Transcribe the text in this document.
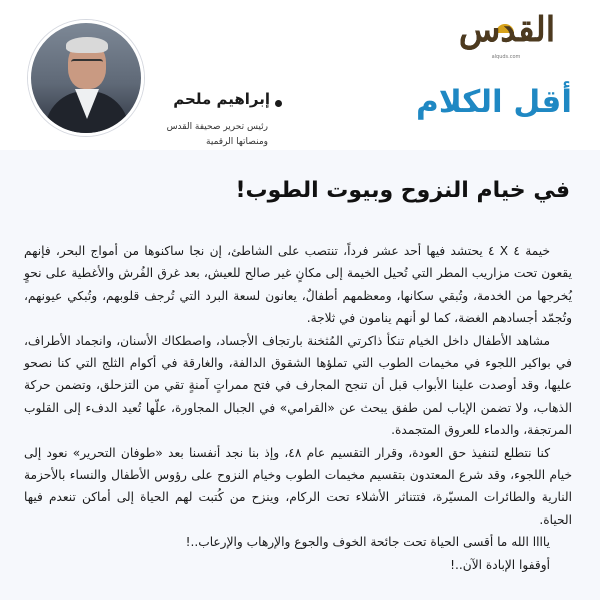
القدس
alquds.com
أقل الكلام
إبراهيم ملحم
رئيس تحرير صحيفة القدس ومنصاتها الرقمية
في خيام النزوح وبيوت الطوب!

خيمة ٤ X ٤ يحتشد فيها أحد عشر فرداً، تنتصب على الشاطئ، إن نجا ساكنوها من أمواج البحر، فإنهم يقعون تحت مزاريب المطر التي تُحيل الخيمة إلى مكانٍ غير صالح للعيش، بعد غرق الفُرش والأغطية على نحوٍ يُخرجها من الخدمة، وتُبقي سكانها، ومعظمهم أطفالٌ، يعانون لسعة البرد التي تُرجف قلوبهم، وتُبكي عيونهم، وتُجمّد أجسادهم الغضة، كما لو أنهم ينامون في ثلاجة.

مشاهد الأطفال داخل الخيام تنكأ ذاكرتي المُثخنة بارتجاف الأجساد، واصطكاك الأسنان، وانجماد الأطراف، في بواكير اللجوء في مخيمات الطوب التي تملؤها الشقوق الدالفة، والغارقة في أكوام الثلج التي كنا نصحو عليها، وقد أوصدت علينا الأبواب قبل أن تنجح المجارف في فتح ممراتٍ آمنةٍ تقي من التزحلق، وتضمن حركة الذهاب، ولا تضمن الإياب لمن طفق يبحث عن «القرامي» في الجبال المجاورة، علّها تُعيد الدفء إلى القلوب المرتجفة، والدماء للعروق المتجمدة.

كنا نتطلع لتنفيذ حق العودة، وقرار التقسيم عام ٤٨، وإذ بنا نجد أنفسنا بعد «طوفان التحرير» نعود إلى خيام اللجوء، وقد شرع المعتدون بتقسيم مخيمات الطوب وخيام النزوح على رؤوس الأطفال والنساء بالأحزمة النارية والطائرات المسيّرة، فتتناثر الأشلاء تحت الركام، وينزح من كُتبت لهم الحياة إلى أماكن تنعدم فيها الحياة.

ياااا الله ما أقسى الحياة تحت جائحة الخوف والجوع والإرهاب والإرعاب..!

أوقفوا الإبادة الآن..!
